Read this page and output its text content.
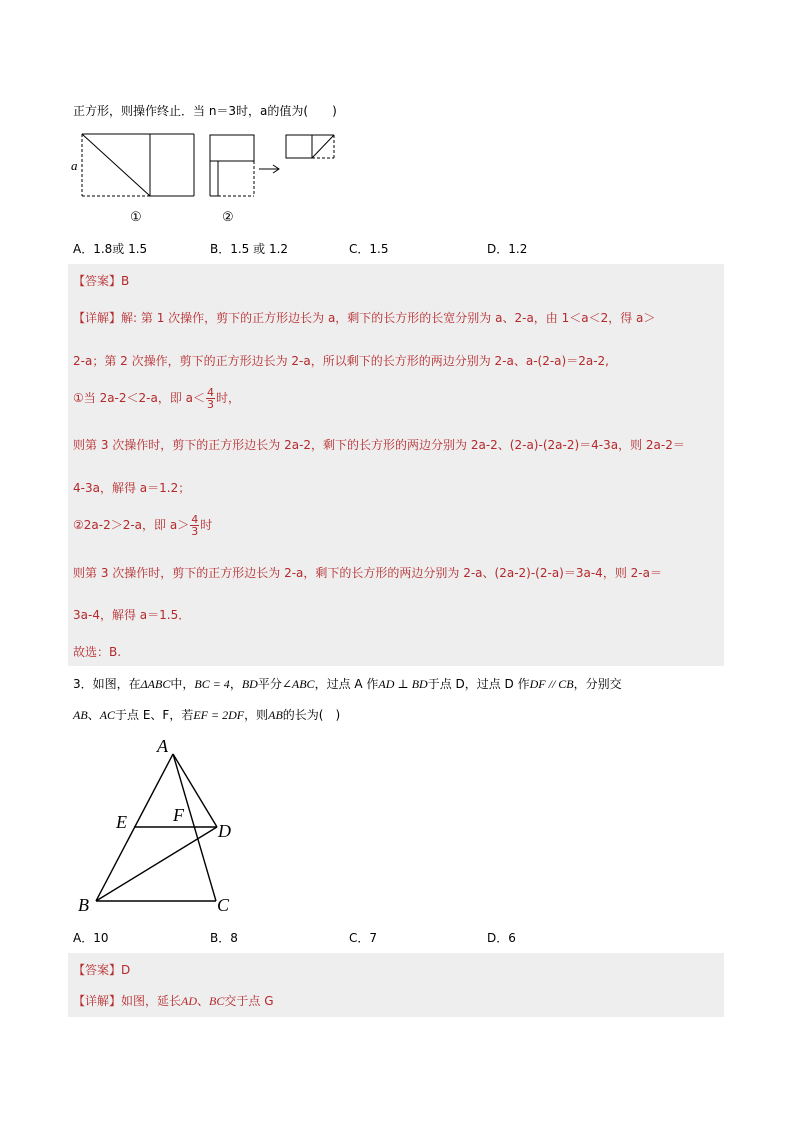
正方形，则操作终止．当 n＝3时，a的值为(　　)
a
①	②
A．1.8或 1.5	B．1.5 或 1.2	C．1.5	D．1.2
【答案】B
【详解】解: 第 1 次操作，剪下的正方形边长为 a，剩下的长方形的长宽分别为 a、2-a，由 1＜a＜2，得 a＞
2-a；第 2 次操作，剪下的正方形边长为 2-a，所以剩下的长方形的两边分别为 2-a、a-(2-a)＝2a-2,
①当 2a-2＜2-a，即 $a< \frac{4}{3}$ 时，
则第 3 次操作时，剪下的正方形边长为 2a-2，剩下的长方形的两边分别为 2a-2、(2-a)-(2a-2)＝4-3a，则 2a-2＝
4-3a，解得 a＝1.2；
②2a-2＞2-a，即 $a> \frac{4}{3}$ 时
则第 3 次操作时，剪下的正方形边长为 2-a，剩下的长方形的两边分别为 2-a、(2a-2)-(2-a)＝3a-4，则 2-a＝
3a-4，解得 a＝1.5．
故选：B.
3．如图，在ΔABC中，BC = 4，BD平分∠ABC，过点 A 作AD ⊥ BD于点 D，过点 D 作DF // CB，分别交
AB、AC于点 E、F，若EF = 2DF，则AB的长为(　)
A
E	F
D
B	C
A．10	B．8	C．7	D．6
【答案】D
【详解】如图，延长AD、BC交于点 G
